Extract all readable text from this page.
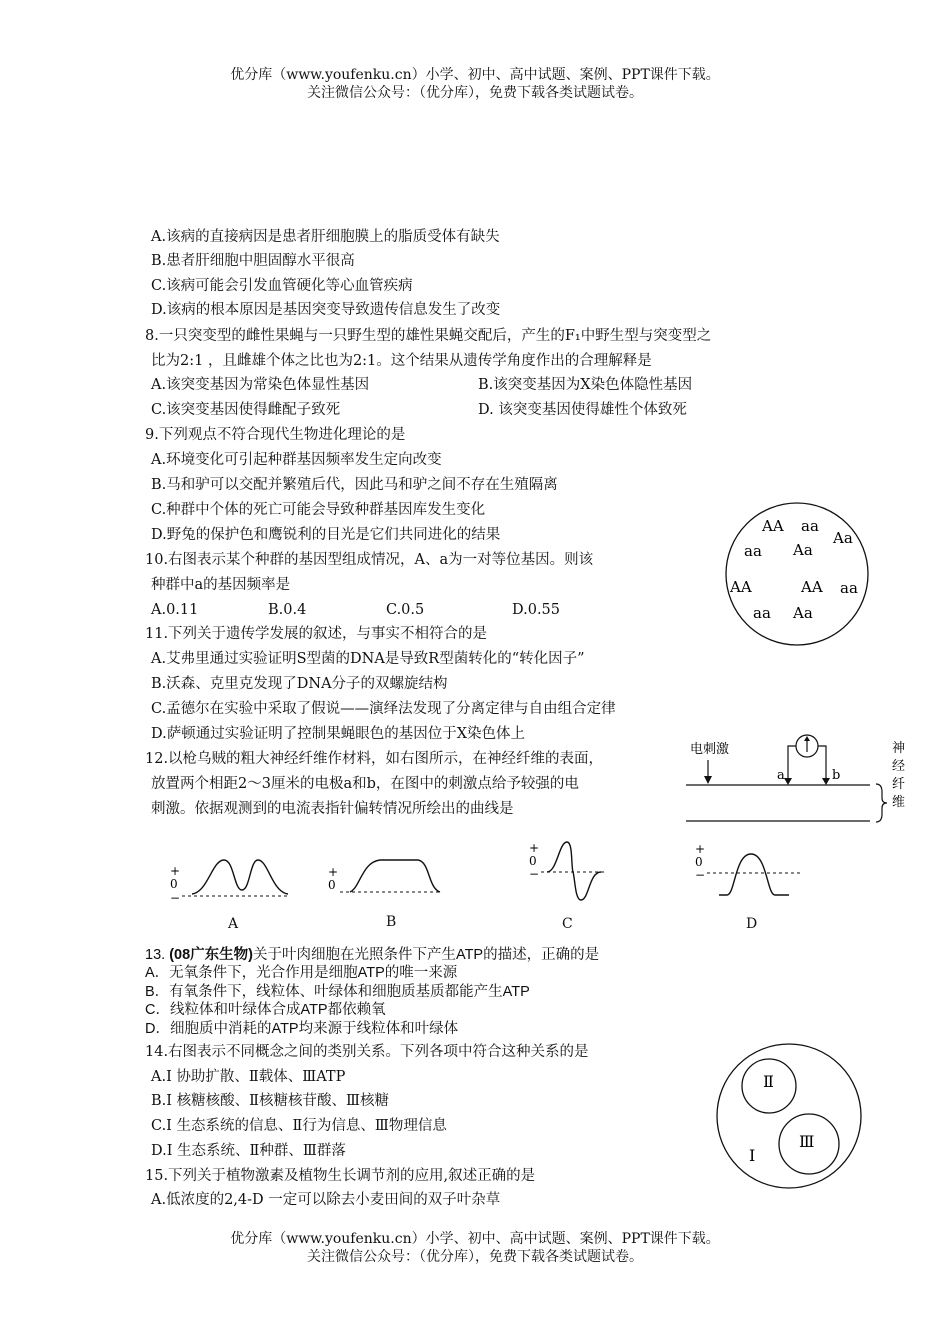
优分库（www.youfenku.cn）小学、初中、高中试题、案例、PPT课件下载。
关注微信公众号：（优分库），免费下载各类试题试卷。
A.该病的直接病因是患者肝细胞膜上的脂质受体有缺失
B.患者肝细胞中胆固醇水平很高
C.该病可能会引发血管硬化等心血管疾病
D.该病的根本原因是基因突变导致遗传信息发生了改变
8.一只突变型的雌性果蝇与一只野生型的雄性果蝇交配后，产生的F₁中野生型与突变型之
比为2:1 ，且雌雄个体之比也为2:1。这个结果从遗传学角度作出的合理解释是
A.该突变基因为常染色体显性基因	B.该突变基因为X染色体隐性基因
C.该突变基因使得雌配子致死	D. 该突变基因使得雄性个体致死
9.下列观点不符合现代生物进化理论的是
A.环境变化可引起种群基因频率发生定向改变
B.马和驴可以交配并繁殖后代，因此马和驴之间不存在生殖隔离
C.种群中个体的死亡可能会导致种群基因库发生变化
D.野兔的保护色和鹰锐利的目光是它们共同进化的结果
10.右图表示某个种群的基因型组成情况，A、a为一对等位基因。则该
种群中a的基因频率是
A.0.11	B.0.4	C.0.5	D.0.55
AA aa
Aa
aa Aa
AA	AA aa
aa Aa
11.下列关于遗传学发展的叙述，与事实不相符合的是
A.艾弗里通过实验证明S型菌的DNA是导致R型菌转化的“转化因子”
B.沃森、克里克发现了DNA分子的双螺旋结构
C.孟德尔在实验中采取了假说——演绎法发现了分离定律与自由组合定律
D.萨顿通过实验证明了控制果蝇眼色的基因位于X染色体上
12.以枪乌贼的粗大神经纤维作材料，如右图所示，在神经纤维的表面，
放置两个相距2～3厘米的电极a和b，在图中的刺激点给予较强的电
刺激。依据观测到的电流表指针偏转情况所绘出的曲线是
电刺激
a	b
神
经
纤
维
+
0
−
A
+
0
B
+
0
−
C
+
0
−
D
13. (08广东生物)关于叶肉细胞在光照条件下产生ATP的描述，正确的是
A．无氧条件下，光合作用是细胞ATP的唯一来源
B．有氧条件下，线粒体、叶绿体和细胞质基质都能产生ATP
C．线粒体和叶绿体合成ATP都依赖氧
D．细胞质中消耗的ATP均来源于线粒体和叶绿体
14.右图表示不同概念之间的类别关系。下列各项中符合这种关系的是
A.Ⅰ 协助扩散、Ⅱ载体、ⅢATP
B.Ⅰ 核糖核酸、Ⅱ核糖核苷酸、Ⅲ核糖
C.Ⅰ 生态系统的信息、Ⅱ行为信息、Ⅲ物理信息
D.Ⅰ 生态系统、Ⅱ种群、Ⅲ群落
Ⅱ
Ⅲ
Ⅰ
15.下列关于植物激素及植物生长调节剂的应用,叙述正确的是
A.低浓度的2,4-D 一定可以除去小麦田间的双子叶杂草
优分库（www.youfenku.cn）小学、初中、高中试题、案例、PPT课件下载。
关注微信公众号：（优分库），免费下载各类试题试卷。
